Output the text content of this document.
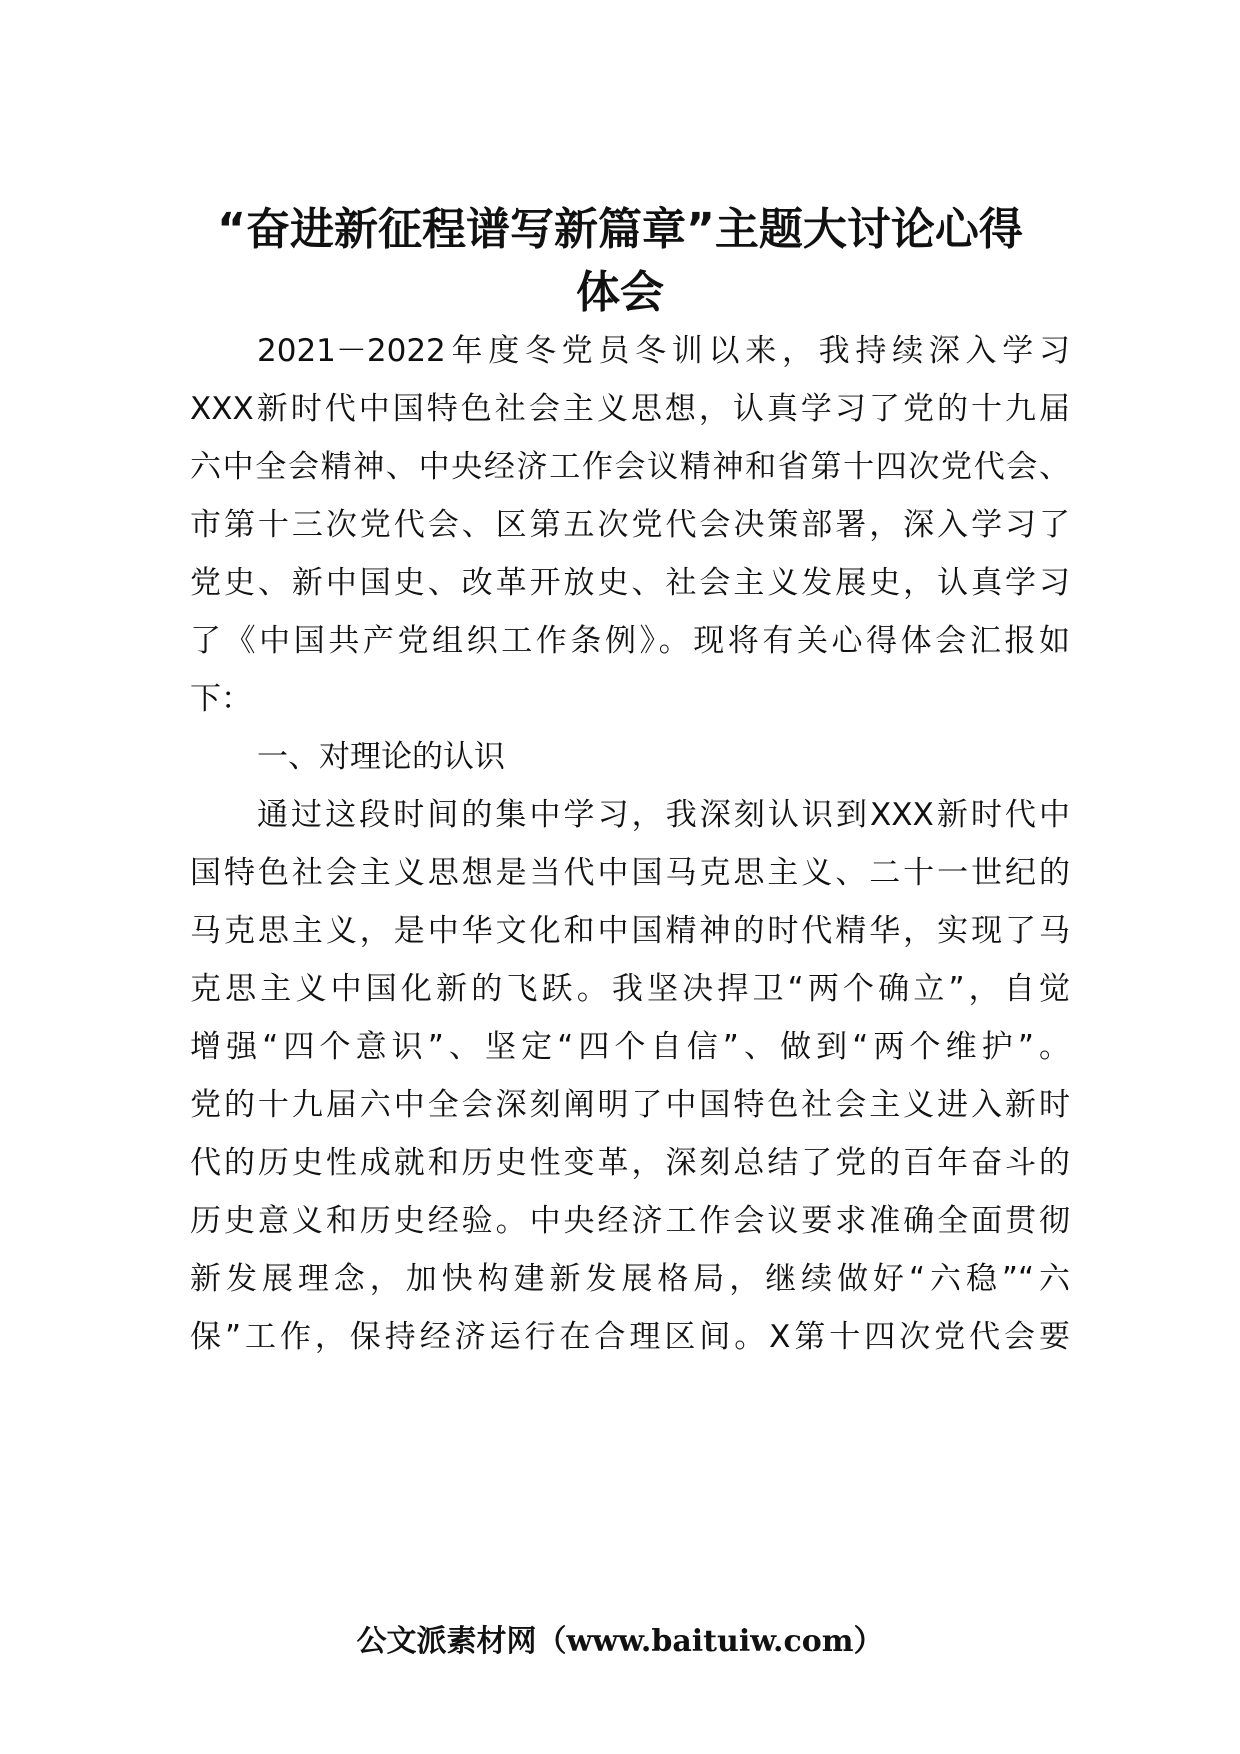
“奋进新征程谱写新篇章”主题大讨论心得
体会
2021－2022年度冬党员冬训以来，我持续深入学习
XXX新时代中国特色社会主义思想，认真学习了党的十九届
六中全会精神、中央经济工作会议精神和省第十四次党代会、
市第十三次党代会、区第五次党代会决策部署，深入学习了
党史、新中国史、改革开放史、社会主义发展史，认真学习
了《中国共产党组织工作条例》。现将有关心得体会汇报如
下：
一、对理论的认识
通过这段时间的集中学习，我深刻认识到XXX新时代中
国特色社会主义思想是当代中国马克思主义、二十一世纪的
马克思主义，是中华文化和中国精神的时代精华，实现了马
克思主义中国化新的飞跃。我坚决捍卫“两个确立”，自觉
增强“四个意识”、坚定“四个自信”、做到“两个维护”。
党的十九届六中全会深刻阐明了中国特色社会主义进入新时
代的历史性成就和历史性变革，深刻总结了党的百年奋斗的
历史意义和历史经验。中央经济工作会议要求准确全面贯彻
新发展理念，加快构建新发展格局，继续做好“六稳”“六
保”工作，保持经济运行在合理区间。X第十四次党代会要
公文派素材网（www.baituiw.com）
